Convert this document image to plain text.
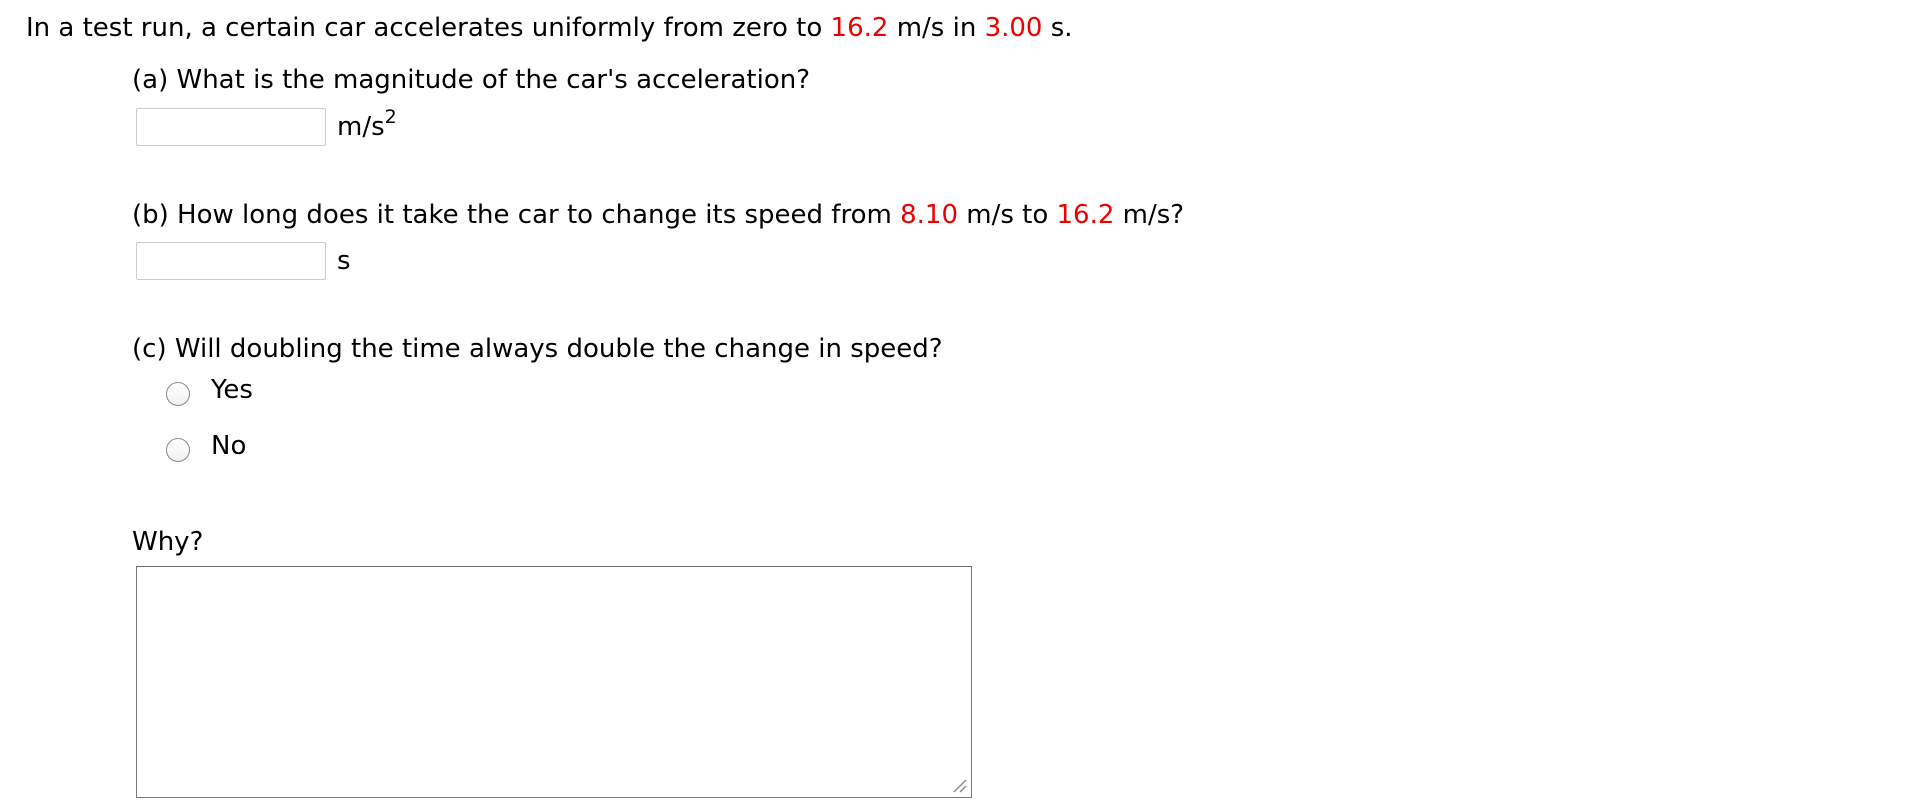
In a test run, a certain car accelerates uniformly from zero to 16.2 m/s in 3.00 s.
(a) What is the magnitude of the car's acceleration?
$m/s^2$
(b) How long does it take the car to change its speed from 8.10 m/s to 16.2 m/s?
s
(c) Will doubling the time always double the change in speed?
Yes
No
Why?
